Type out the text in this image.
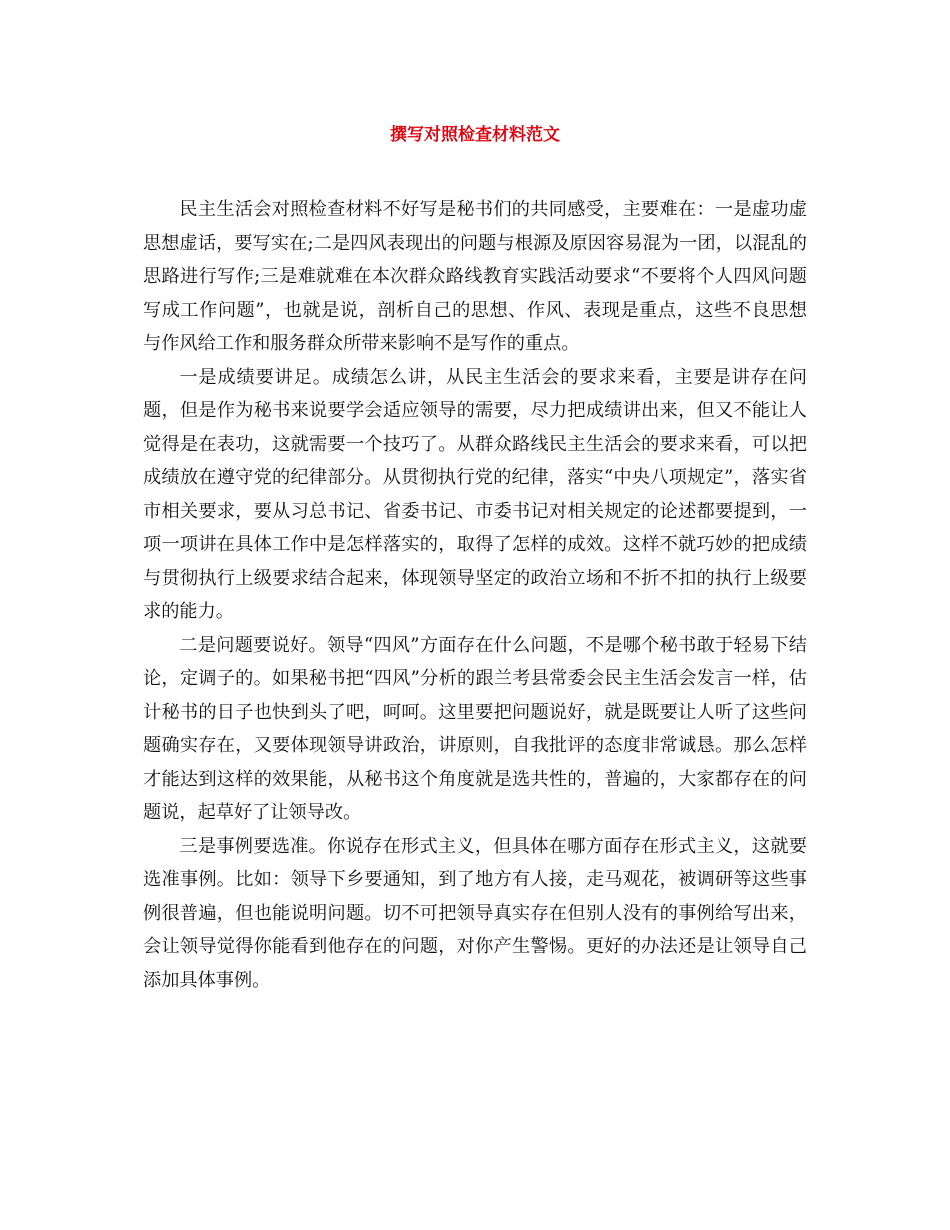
撰写对照检查材料范文

民主生活会对照检查材料不好写是秘书们的共同感受，主要难在：一是虚功虚思想虚话，要写实在;二是四风表现出的问题与根源及原因容易混为一团，以混乱的思路进行写作;三是难就难在本次群众路线教育实践活动要求“不要将个人四风问题写成工作问题”，也就是说，剖析自己的思想、作风、表现是重点，这些不良思想与作风给工作和服务群众所带来影响不是写作的重点。

一是成绩要讲足。成绩怎么讲，从民主生活会的要求来看，主要是讲存在问题，但是作为秘书来说要学会适应领导的需要，尽力把成绩讲出来，但又不能让人觉得是在表功，这就需要一个技巧了。从群众路线民主生活会的要求来看，可以把成绩放在遵守党的纪律部分。从贯彻执行党的纪律，落实“中央八项规定”，落实省市相关要求，要从习总书记、省委书记、市委书记对相关规定的论述都要提到，一项一项讲在具体工作中是怎样落实的，取得了怎样的成效。这样不就巧妙的把成绩与贯彻执行上级要求结合起来，体现领导坚定的政治立场和不折不扣的执行上级要求的能力。

二是问题要说好。领导“四风”方面存在什么问题，不是哪个秘书敢于轻易下结论，定调子的。如果秘书把“四风”分析的跟兰考县常委会民主生活会发言一样，估计秘书的日子也快到头了吧，呵呵。这里要把问题说好，就是既要让人听了这些问题确实存在，又要体现领导讲政治，讲原则，自我批评的态度非常诚恳。那么怎样才能达到这样的效果能，从秘书这个角度就是选共性的，普遍的，大家都存在的问题说，起草好了让领导改。

三是事例要选准。你说存在形式主义，但具体在哪方面存在形式主义，这就要选准事例。比如：领导下乡要通知，到了地方有人接，走马观花，被调研等这些事例很普遍，但也能说明问题。切不可把领导真实存在但别人没有的事例给写出来，会让领导觉得你能看到他存在的问题，对你产生警惕。更好的办法还是让领导自己添加具体事例。
